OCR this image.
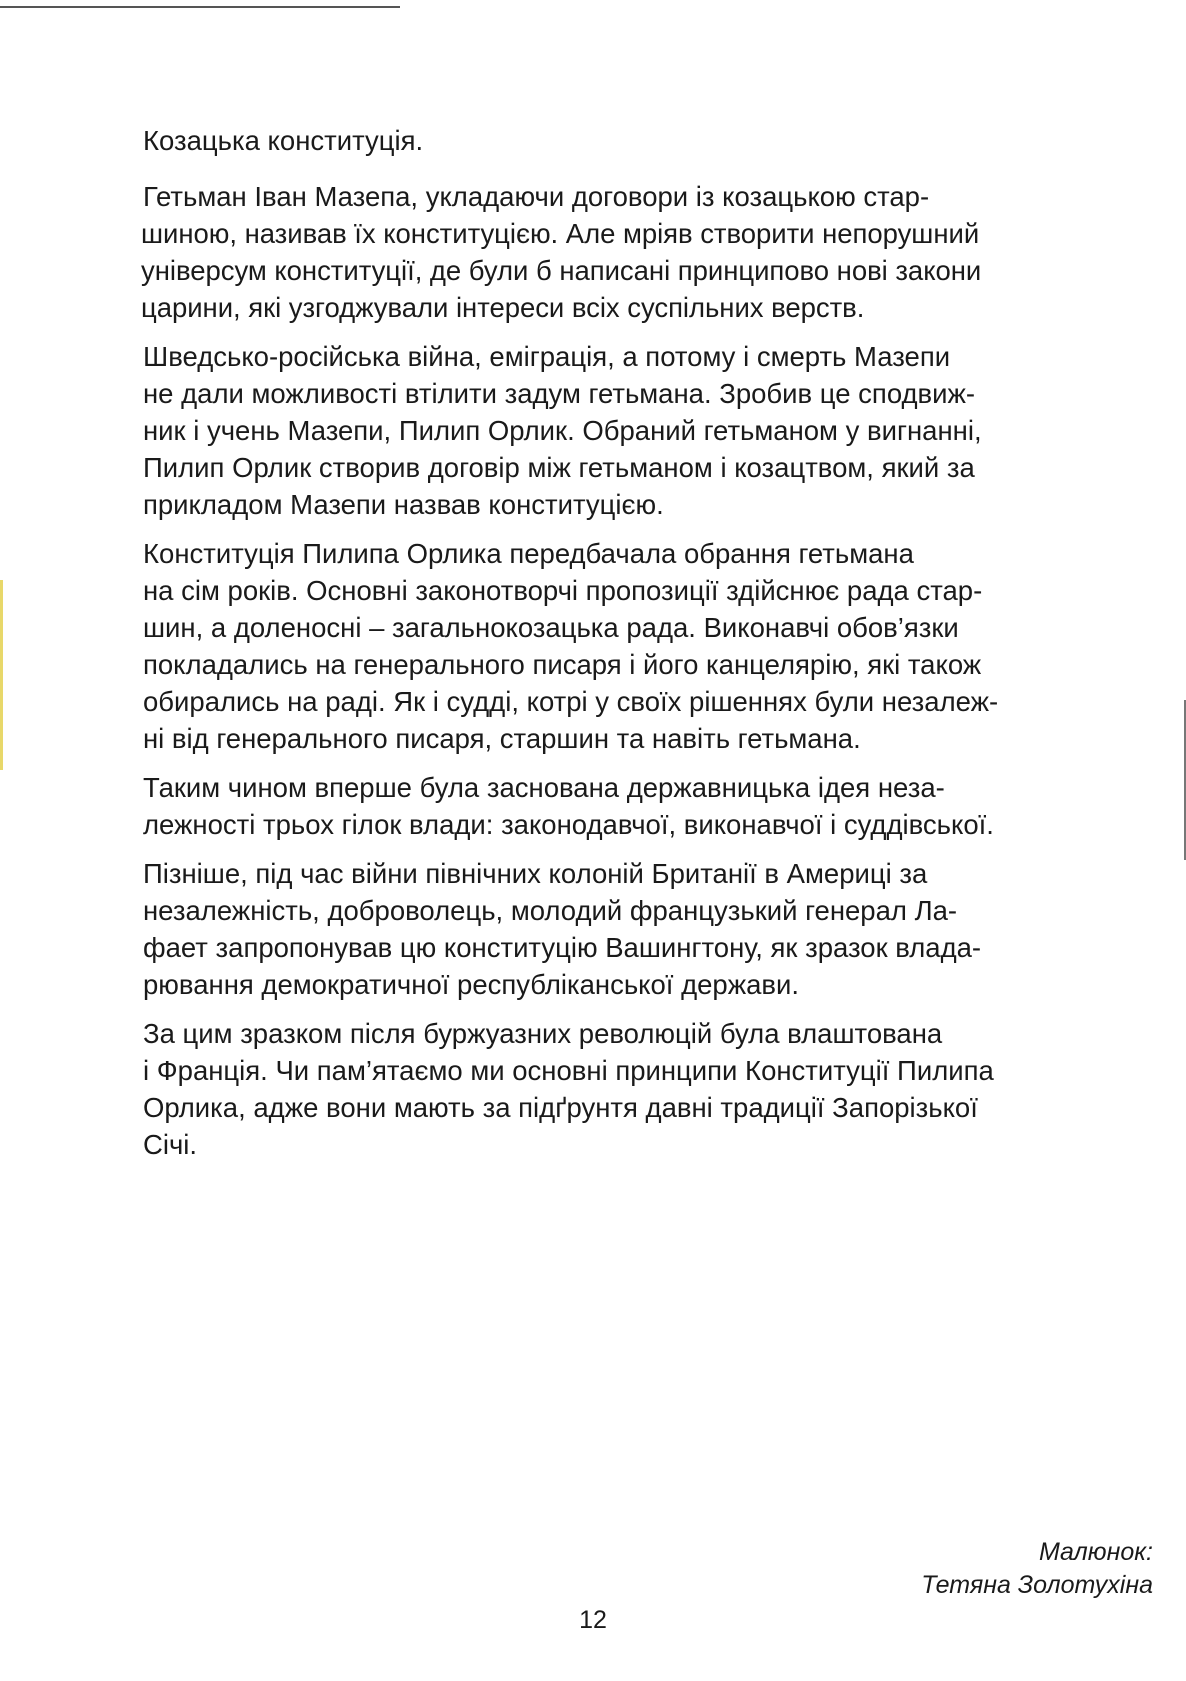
Козацька конституція.

Гетьман Іван Мазепа, укладаючи договори із козацькою стар-
шиною, називав їх конституцією. Але мріяв створити непорушний
універсум конституції, де були б написані принципово нові закони
царини, які узгоджували інтереси всіх суспільних верств.

Шведсько-російська війна, еміграція, а потому і смерть Мазепи
не дали можливості втілити задум гетьмана. Зробив це сподвиж-
ник і учень Мазепи, Пилип Орлик. Обраний гетьманом у вигнанні,
Пилип Орлик створив договір між гетьманом і козацтвом, який за
прикладом Мазепи назвав конституцією.

Конституція Пилипа Орлика передбачала обрання гетьмана
на сім років. Основні законотворчі пропозиції здійснює рада стар-
шин, а доленосні – загальнокозацька рада. Виконавчі обов’язки
покладались на генерального писаря і його канцелярію, які також
обирались на раді. Як і судді, котрі у своїх рішеннях були незалеж-
ні від генерального писаря, старшин та навіть гетьмана.

Таким чином вперше була заснована державницька ідея неза-
лежності трьох гілок влади: законодавчої, виконавчої і суддівської.

Пізніше, під час війни північних колоній Британії в Америці за
незалежність, доброволець, молодий французький генерал Ла-
фает запропонував цю конституцію Вашингтону, як зразок влада-
рювання демократичної республіканської держави.

За цим зразком після буржуазних революцій була влаштована
і Франція. Чи пам’ятаємо ми основні принципи Конституції Пилипа
Орлика, адже вони мають за підґрунтя давні традиції Запорізької
Січі.

Малюнок:
Тетяна Золотухіна
12
